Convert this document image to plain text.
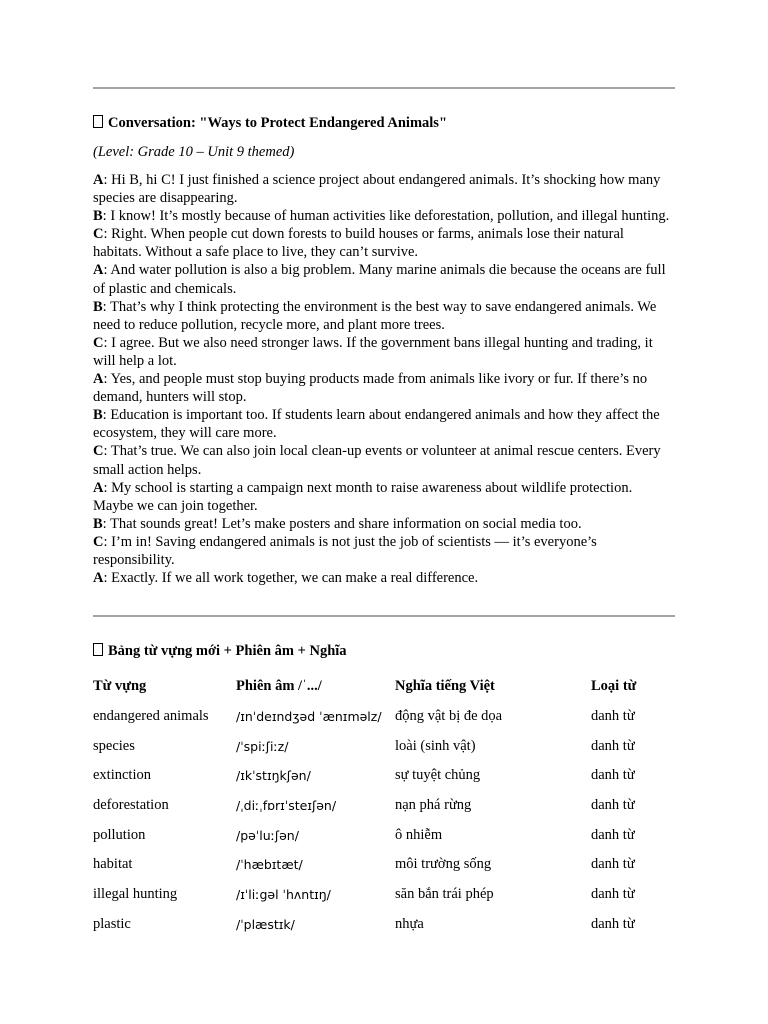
Conversation: "Ways to Protect Endangered Animals"
(Level: Grade 10 – Unit 9 themed)

A: Hi B, hi C! I just finished a science project about endangered animals. It’s shocking how many species are disappearing.

B: I know! It’s mostly because of human activities like deforestation, pollution, and illegal hunting.

C: Right. When people cut down forests to build houses or farms, animals lose their natural habitats. Without a safe place to live, they can’t survive.

A: And water pollution is also a big problem. Many marine animals die because the oceans are full of plastic and chemicals.

B: That’s why I think protecting the environment is the best way to save endangered animals. We need to reduce pollution, recycle more, and plant more trees.

C: I agree. But we also need stronger laws. If the government bans illegal hunting and trading, it will help a lot.

A: Yes, and people must stop buying products made from animals like ivory or fur. If there’s no demand, hunters will stop.

B: Education is important too. If students learn about endangered animals and how they affect the ecosystem, they will care more.

C: That’s true. We can also join local clean-up events or volunteer at animal rescue centers. Every small action helps.

A: My school is starting a campaign next month to raise awareness about wildlife protection. Maybe we can join together.

B: That sounds great! Let’s make posters and share information on social media too.

C: I’m in! Saving endangered animals is not just the job of scientists — it’s everyone’s responsibility.

A: Exactly. If we all work together, we can make a real difference.

Bảng từ vựng mới + Phiên âm + Nghĩa
Từ vựng	Phiên âm /ˈ.../	Nghĩa tiếng Việt	Loại từ
endangered animals	/ɪnˈdeɪndʒəd ˈænɪməlz/	động vật bị đe dọa	danh từ
species	/ˈspiːʃiːz/	loài (sinh vật)	danh từ
extinction	/ɪkˈstɪŋkʃən/	sự tuyệt chủng	danh từ
deforestation	/ˌdiːˌfɒrɪˈsteɪʃən/	nạn phá rừng	danh từ
pollution	/pəˈluːʃən/	ô nhiễm	danh từ
habitat	/ˈhæbɪtæt/	môi trường sống	danh từ
illegal hunting	/ɪˈliːgəl ˈhʌntɪŋ/	săn bắn trái phép	danh từ
plastic	/ˈplæstɪk/	nhựa	danh từ
